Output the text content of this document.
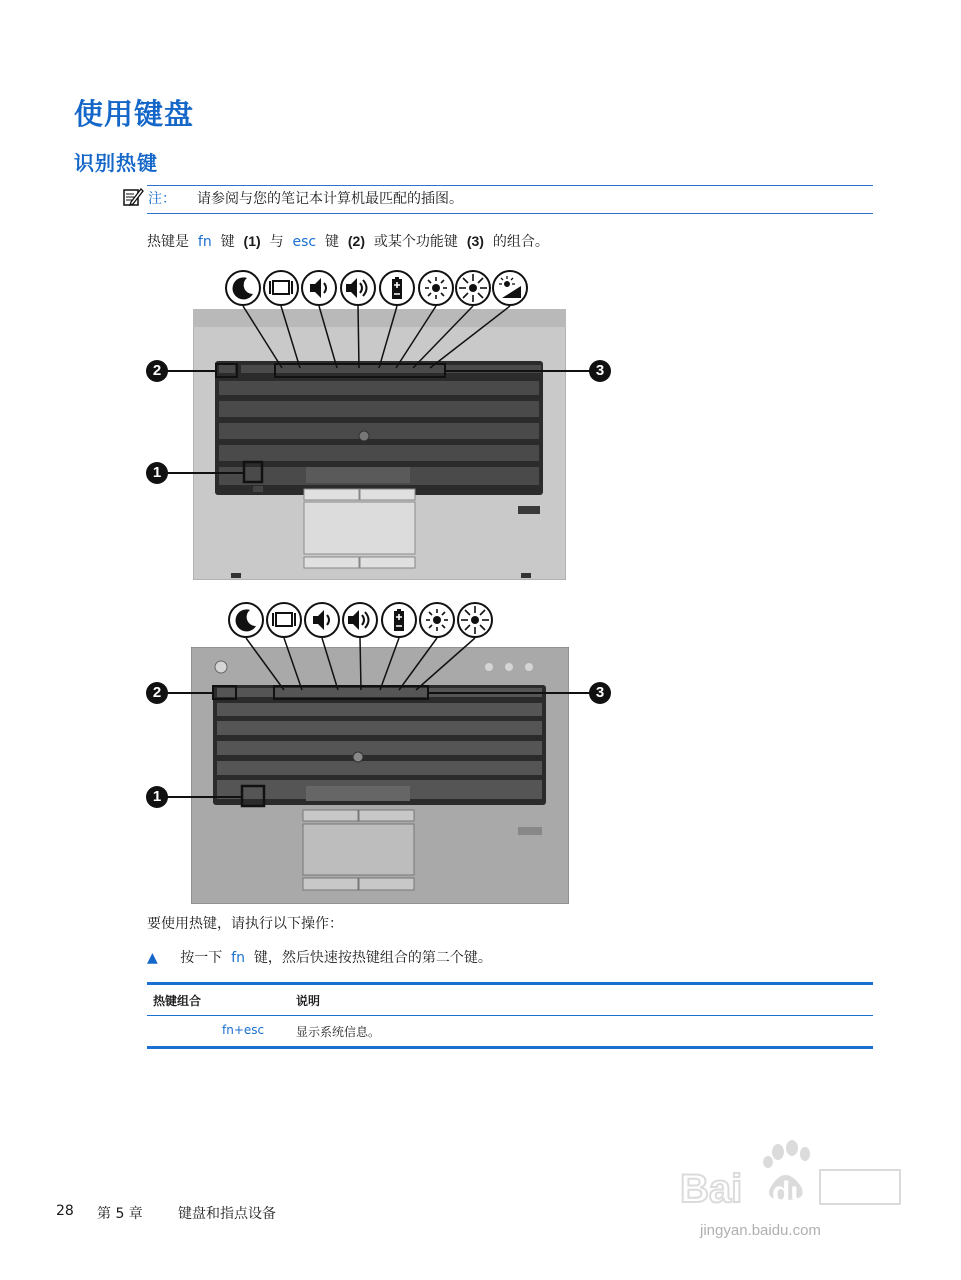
使用键盘
识别热键
注： 请参阅与您的笔记本计算机最匹配的插图。
热键是 fn 键 (1) 与 esc 键 (2) 或某个功能键 (3) 的组合。
2	3
1
2	3
1
要使用热键，请执行以下操作：
▲ 按一下 fn 键，然后快速按热键组合的第二个键。
热键组合	说明
fn+esc	显示系统信息。
28 第 5 章	键盘和指点设备
Bai du
jingyan.baidu.com
